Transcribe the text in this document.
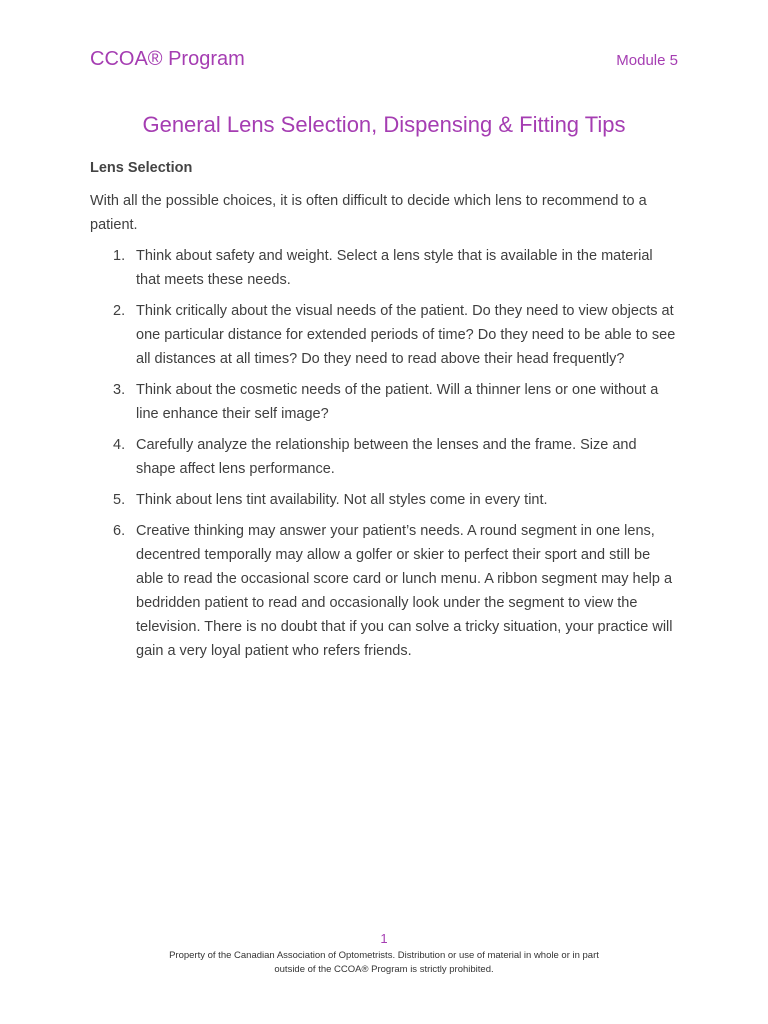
CCOA® Program	Module 5
General Lens Selection, Dispensing & Fitting Tips
Lens Selection

With all the possible choices, it is often difficult to decide which lens to recommend to a patient.

1. Think about safety and weight. Select a lens style that is available in the material that meets these needs.
2. Think critically about the visual needs of the patient. Do they need to view objects at one particular distance for extended periods of time? Do they need to be able to see all distances at all times? Do they need to read above their head frequently?
3. Think about the cosmetic needs of the patient. Will a thinner lens or one without a line enhance their self image?
4. Carefully analyze the relationship between the lenses and the frame. Size and shape affect lens performance.
5. Think about lens tint availability. Not all styles come in every tint.
6. Creative thinking may answer your patient’s needs. A round segment in one lens, decentred temporally may allow a golfer or skier to perfect their sport and still be able to read the occasional score card or lunch menu. A ribbon segment may help a bedridden patient to read and occasionally look under the segment to view the television. There is no doubt that if you can solve a tricky situation, your practice will gain a very loyal patient who refers friends.
1
Property of the Canadian Association of Optometrists. Distribution or use of material in whole or in part outside of the CCOA® Program is strictly prohibited.
